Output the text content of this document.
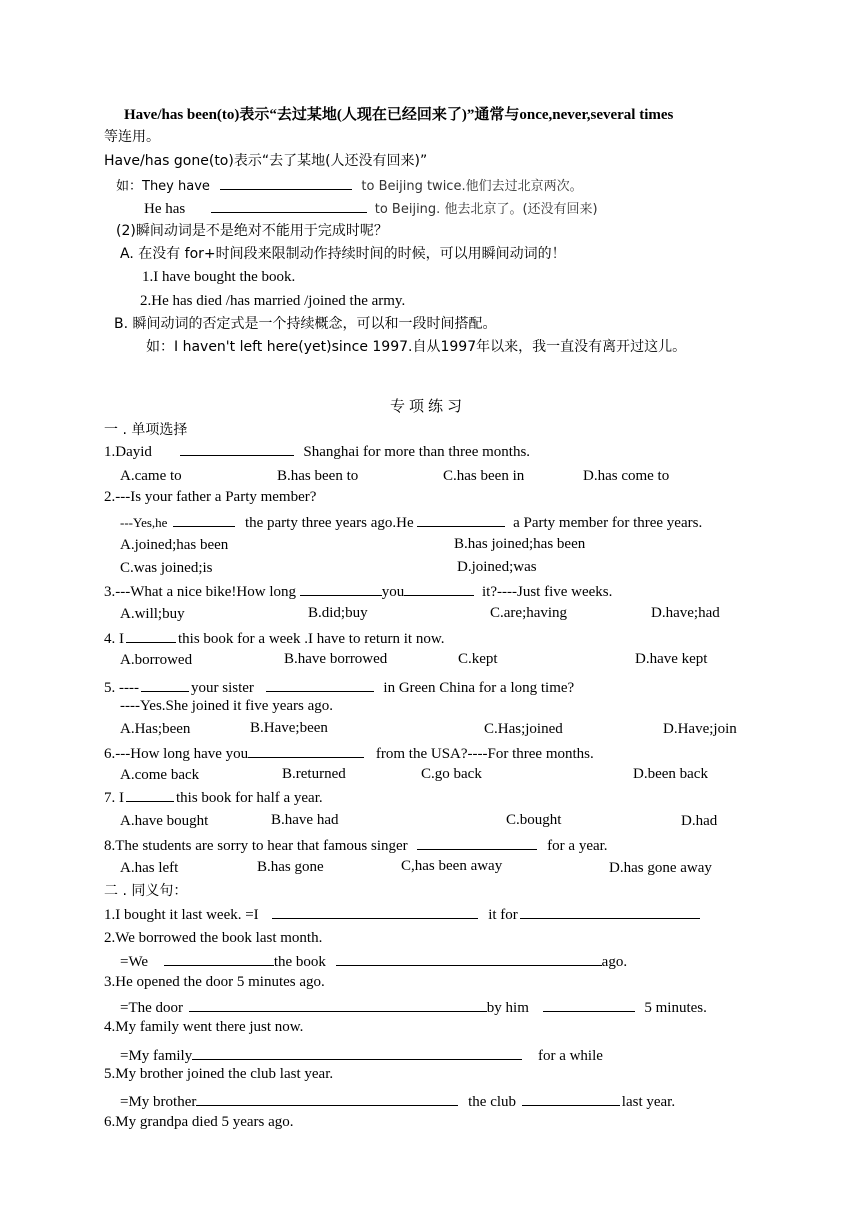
Have/has been(to)表示“去过某地(人现在已经回来了)”通常与once,never,several times
等连用。
Have/has gone(to)表示“去了某地(人还没有回来)”
如：They have	to Beijing twice.他们去过北京两次。
He has	to Beijing. 他去北京了。(还没有回来)
(2)瞬间动词是不是绝对不能用于完成时呢？
A. 在没有 for+时间段来限制动作持续时间的时候，可以用瞬间动词的！
1.I have bought the book.
2.He has died /has married /joined the army.
B. 瞬间动词的否定式是一个持续概念，可以和一段时间搭配。
如：I haven't left here(yet)since 1997.自从1997年以来，我一直没有离开过这儿。
专项练习
一 . 单项选择
1.Dayid	Shanghai for more than three months.
A.came to	B.has been to	C.has been in	D.has come to
2.---Is your father a Party member?
---Yes,he	the party three years ago.He	a Party member for three years.
A.joined;has been	B.has joined;has been
C.was joined;is	D.joined;was
3.---What a nice bike!How long	you	it?----Just five weeks.
A.will;buy	B.did;buy	C.are;having	D.have;had
4. I	this book for a week .I have to return it now.
A.borrowed	B.have borrowed	C.kept	D.have kept
5. ----	your sister	in Green China for a long time?
----Yes.She joined it five years ago.
A.Has;been	B.Have;been	C.Has;joined	D.Have;join
6.---How long have you	from the USA?----For three months.
A.come back	B.returned	C.go back	D.been back
7. I	this book for half a year.
A.have bought	B.have had	C.bought	D.had
8.The students are sorry to hear that famous singer	for a year.
A.has left	B.has gone	C,has been away	D.has gone away
二 . 同义句：
1.I bought it last week. =I	it for
2.We borrowed the book last month.
=We	the book	ago.
3.He opened the door 5 minutes ago.
=The door	by him	5 minutes.
4.My family went there just now.
=My family	for a while
5.My brother joined the club last year.
=My brother	the club	last year.
6.My grandpa died 5 years ago.
